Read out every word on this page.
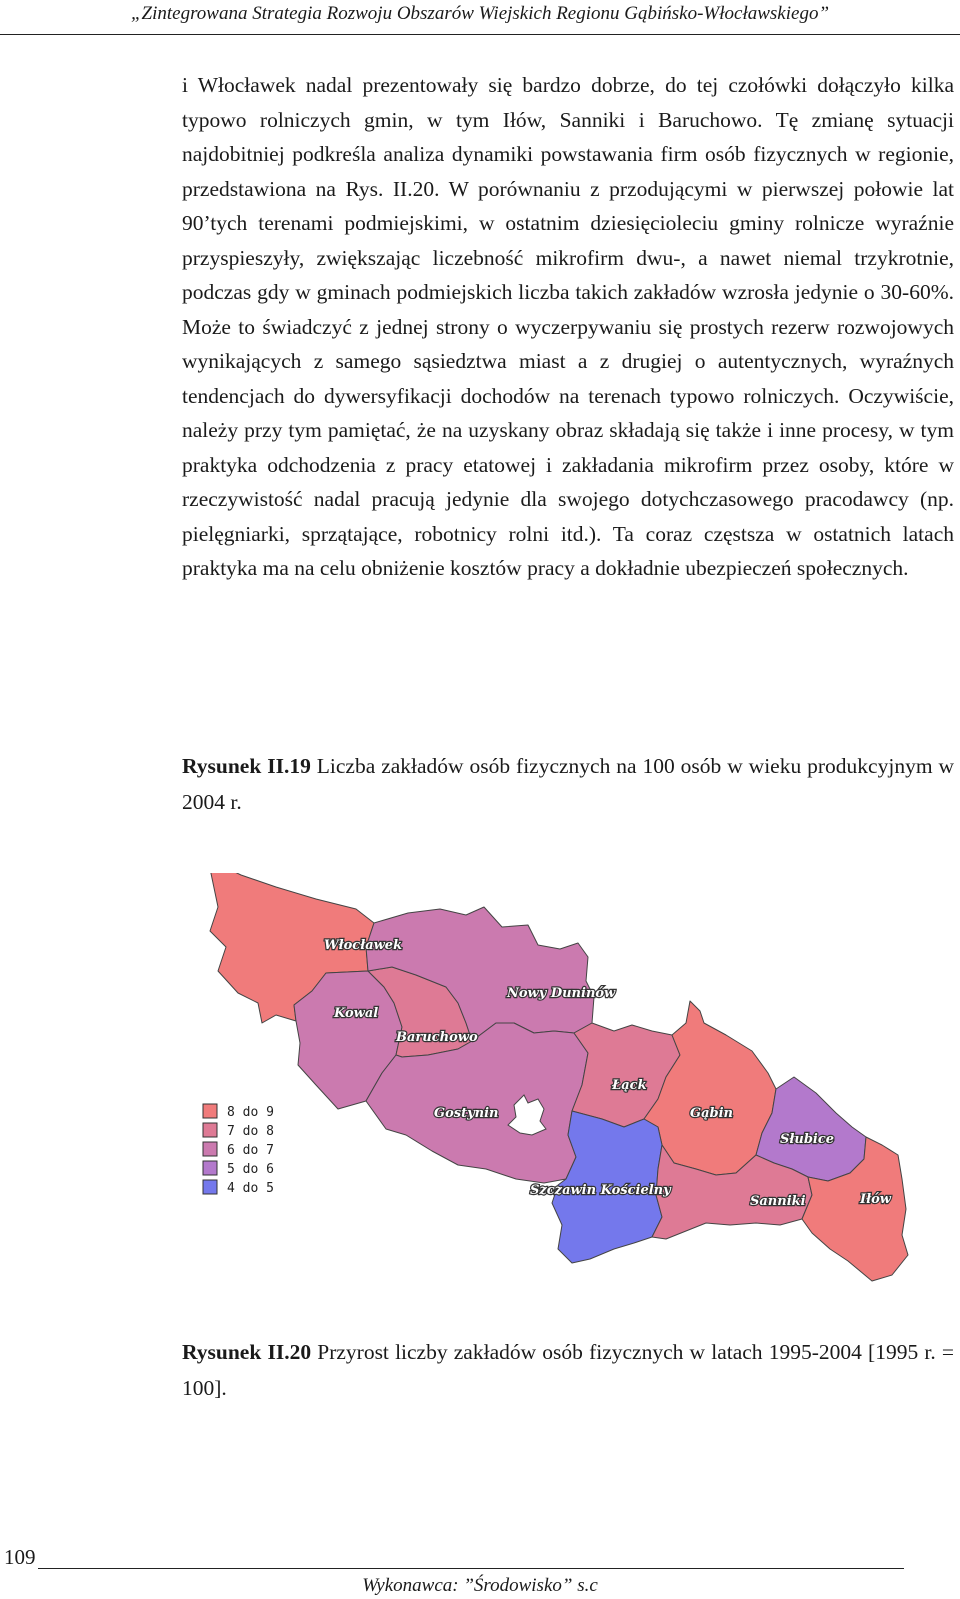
„Zintegrowana Strategia Rozwoju Obszarów Wiejskich Regionu Gąbińsko-Włocławskiego”

i Włocławek nadal prezentowały się bardzo dobrze, do tej czołówki dołączyło kilka typowo rolniczych gmin, w tym Iłów, Sanniki i Baruchowo. Tę zmianę sytuacji najdobitniej podkreśla analiza dynamiki powstawania firm osób fizycznych w regionie, przedstawiona na Rys. II.20. W porównaniu z przodującymi w pierwszej połowie lat 90’tych terenami podmiejskimi, w ostatnim dziesięcioleciu gminy rolnicze wyraźnie przyspieszyły, zwiększając liczebność mikrofirm dwu-, a nawet niemal trzykrotnie, podczas gdy w gminach podmiejskich liczba takich zakładów wzrosła jedynie o 30-60%. Może to świadczyć z jednej strony o wyczerpywaniu się prostych rezerw rozwojowych wynikających z samego sąsiedztwa miast a z drugiej o autentycznych, wyraźnych tendencjach do dywersyfikacji dochodów na terenach typowo rolniczych. Oczywiście, należy przy tym pamiętać, że na uzyskany obraz składają się także i inne procesy, w tym praktyka odchodzenia z pracy etatowej i zakładania mikrofirm przez osoby, które w rzeczywistość nadal pracują jedynie dla swojego dotychczasowego pracodawcy (np. pielęgniarki, sprzątające, robotnicy rolni itd.). Ta coraz częstsza w ostatnich latach praktyka ma na celu obniżenie kosztów pracy a dokładnie ubezpieczeń społecznych.

Rysunek II.19 Liczba zakładów osób fizycznych na 100 osób w wieku produkcyjnym w 2004 r.

Włocławek
Kowal
Baruchowo
Nowy Duninów
Gostynin
Łąck
Gąbin
Słubice
Szczawin Kościelny
Sanniki	Iłów
8 do 9
7 do 8
6 do 7
5 do 6
4 do 5

Rysunek II.20 Przyrost liczby zakładów osób fizycznych w latach 1995-2004 [1995 r. = 100].

109
Wykonawca: ”Środowisko” s.c
